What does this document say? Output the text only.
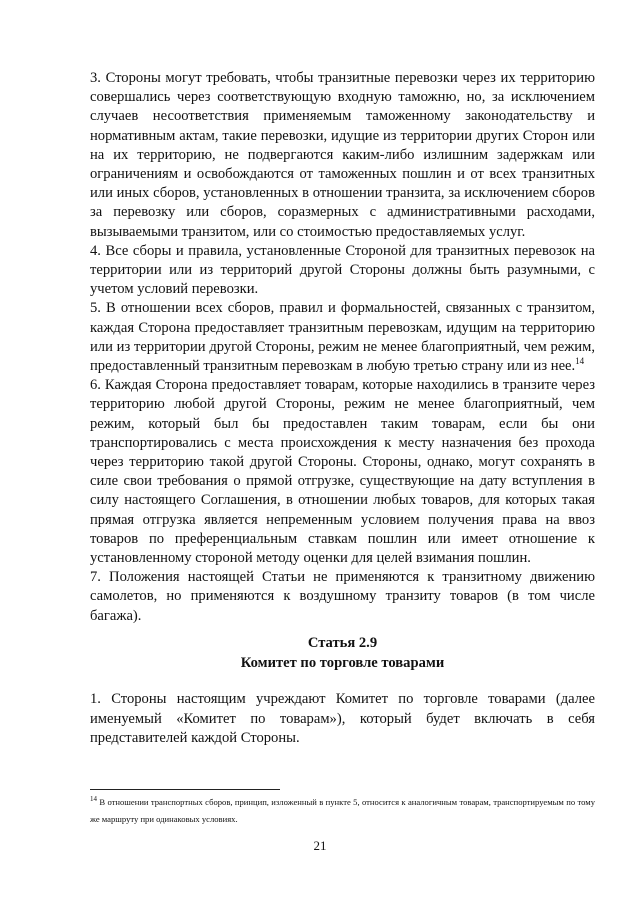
3. Стороны могут требовать, чтобы транзитные перевозки через их территорию совершались через соответствующую входную таможню, но, за исключением случаев несоответствия применяемым таможенному законодательству и нормативным актам, такие перевозки, идущие из территории других Сторон или на их территорию, не подвергаются каким-либо излишним задержкам или ограничениям и освобождаются от таможенных пошлин и от всех транзитных или иных сборов, установленных в отношении транзита, за исключением сборов за перевозку или сборов, соразмерных с административными расходами, вызываемыми транзитом, или со стоимостью предоставляемых услуг.

4. Все сборы и правила, установленные Стороной для транзитных перевозок на территории или из территорий другой Стороны должны быть разумными, с учетом условий перевозки.

5. В отношении всех сборов, правил и формальностей, связанных с транзитом, каждая Сторона предоставляет транзитным перевозкам, идущим на территорию или из территории другой Стороны, режим не менее благоприятный, чем режим, предоставленный транзитным перевозкам в любую третью страну или из нее.$^{14}$

6. Каждая Сторона предоставляет товарам, которые находились в транзите через территорию любой другой Стороны, режим не менее благоприятный, чем режим, который был бы предоставлен таким товарам, если бы они транспортировались с места происхождения к месту назначения без прохода через территорию такой другой Стороны. Стороны, однако, могут сохранять в силе свои требования о прямой отгрузке, существующие на дату вступления в силу настоящего Соглашения, в отношении любых товаров, для которых такая прямая отгрузка является непременным условием получения права на ввоз товаров по преференциальным ставкам пошлин или имеет отношение к установленному стороной методу оценки для целей взимания пошлин.

7. Положения настоящей Статьи не применяются к транзитному движению самолетов, но применяются к воздушному транзиту товаров (в том числе багажа).

Статья 2.9
Комитет по торговле товарами

1. Стороны настоящим учреждают Комитет по торговле товарами (далее именуемый «Комитет по товарам»), который будет включать в себя представителей каждой Стороны.

$^{14}$ В отношении транспортных сборов, принцип, изложенный в пункте 5, относится к аналогичным товарам, транспортируемым по тому же маршруту при одинаковых условиях.
21
